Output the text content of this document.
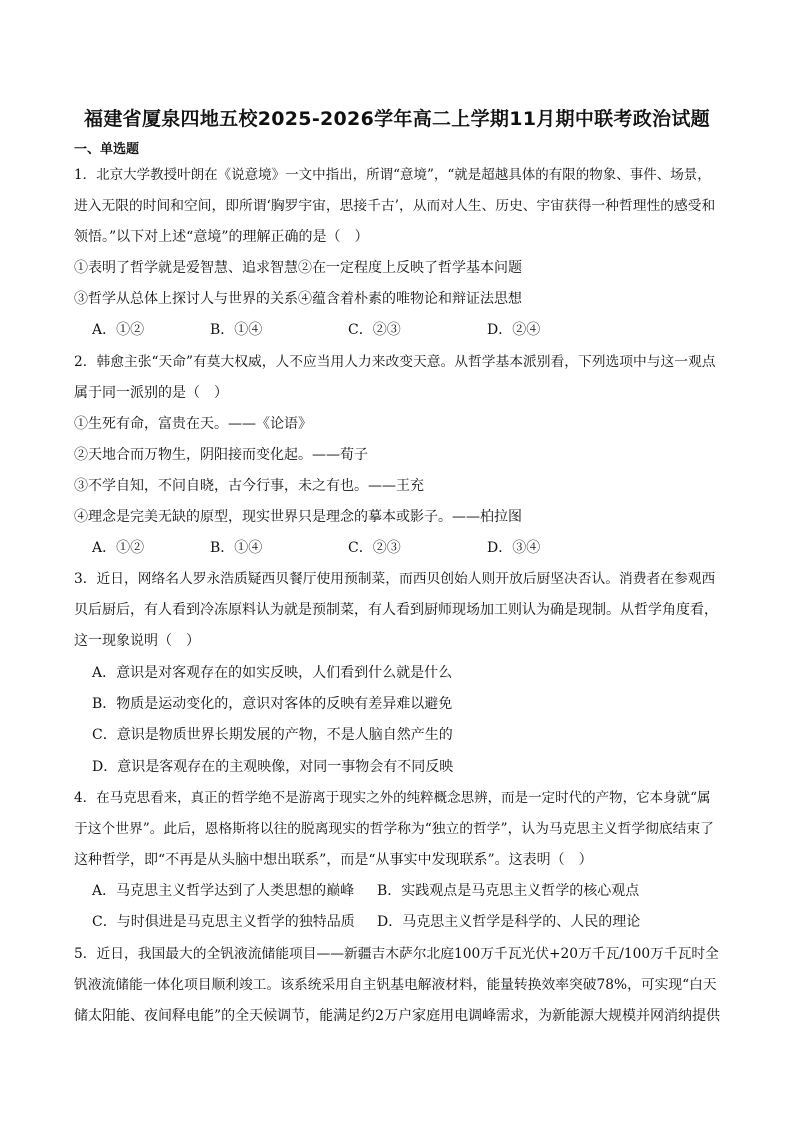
福建省厦泉四地五校2025-2026学年高二上学期11月期中联考政治试题
一、单选题
1．北京大学教授叶朗在《说意境》一文中指出，所谓“意境”，“就是超越具体的有限的物象、事件、场景，
进入无限的时间和空间，即所谓‘胸罗宇宙，思接千古’，从而对人生、历史、宇宙获得一种哲理性的感受和
领悟。”以下对上述“意境”的理解正确的是（　）
①表明了哲学就是爱智慧、追求智慧②在一定程度上反映了哲学基本问题
③哲学从总体上探讨人与世界的关系④蕴含着朴素的唯物论和辩证法思想
A．①②	B．①④	C．②③	D．②④
2．韩愈主张“天命”有莫大权威，人不应当用人力来改变天意。从哲学基本派别看，下列选项中与这一观点
属于同一派别的是（　）
①生死有命，富贵在天。——《论语》
②天地合而万物生，阴阳接而变化起。——荀子
③不学自知，不问自晓，古今行事，未之有也。——王充
④理念是完美无缺的原型，现实世界只是理念的摹本或影子。——柏拉图
A．①②	B．①④	C．②③	D．③④
3．近日，网络名人罗永浩质疑西贝餐厅使用预制菜，而西贝创始人则开放后厨坚决否认。消费者在参观西
贝后厨后，有人看到冷冻原料认为就是预制菜，有人看到厨师现场加工则认为确是现制。从哲学角度看，
这一现象说明（　）
A．意识是对客观存在的如实反映，人们看到什么就是什么
B．物质是运动变化的，意识对客体的反映有差异难以避免
C．意识是物质世界长期发展的产物，不是人脑自然产生的
D．意识是客观存在的主观映像，对同一事物会有不同反映
4．在马克思看来，真正的哲学绝不是游离于现实之外的纯粹概念思辨，而是一定时代的产物，它本身就“属
于这个世界”。此后，恩格斯将以往的脱离现实的哲学称为“独立的哲学”，认为马克思主义哲学彻底结束了
这种哲学，即“不再是从头脑中想出联系”，而是“从事实中发现联系”。这表明（　）
A．马克思主义哲学达到了人类思想的巅峰 B．实践观点是马克思主义哲学的核心观点
C．与时俱进是马克思主义哲学的独特品质 D．马克思主义哲学是科学的、人民的理论
5．近日，我国最大的全钒液流储能项目——新疆吉木萨尔北庭100万千瓦光伏+20万千瓦/100万千瓦时全
钒液流储能一体化项目顺利竣工。该系统采用自主钒基电解液材料，能量转换效率突破78%，可实现“白天
储太阳能、夜间释电能”的全天候调节，能满足约2万户家庭用电调峰需求，为新能源大规模并网消纳提供
